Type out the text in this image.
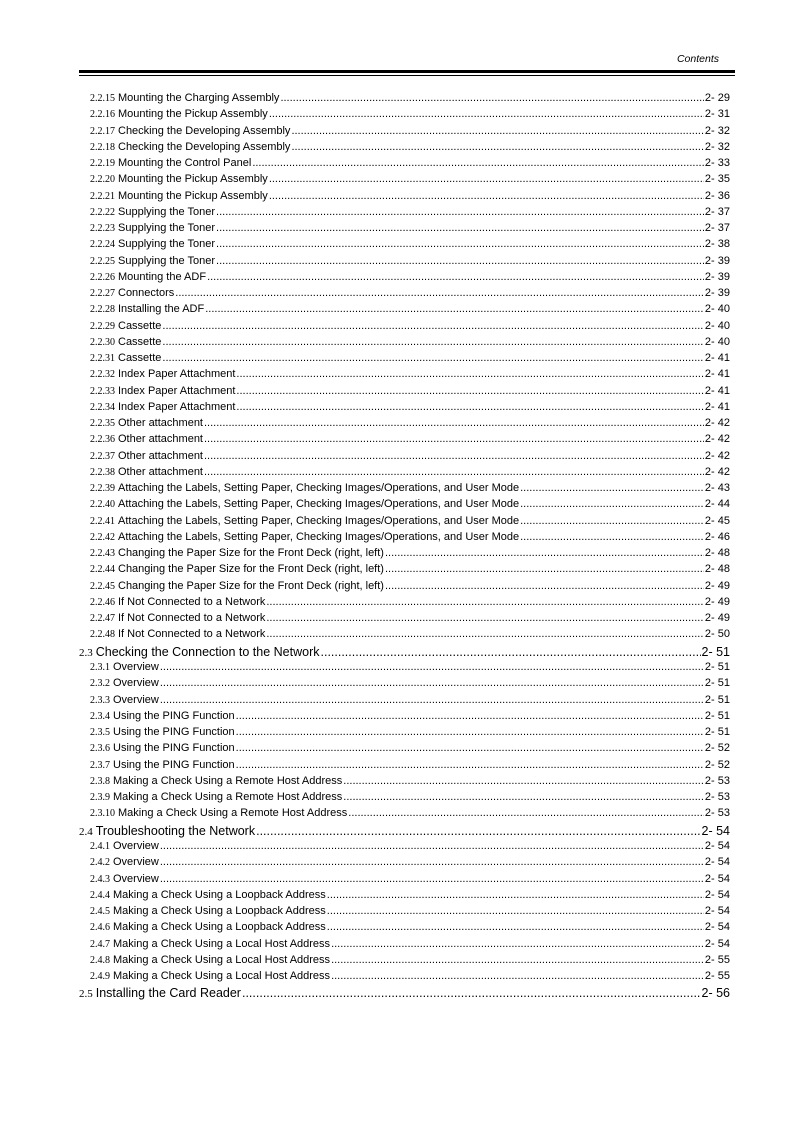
Contents
2.2.15 Mounting the Charging Assembly .....	2- 29
2.2.16 Mounting the Pickup Assembly .....	2- 31
2.2.17 Checking the Developing Assembly .....	2- 32
2.2.18 Checking the Developing Assembly .....	2- 32
2.2.19 Mounting the Control Panel .....	2- 33
2.2.20 Mounting the Pickup Assembly .....	2- 35
2.2.21 Mounting the Pickup Assembly .....	2- 36
2.2.22 Supplying the Toner .....	2- 37
2.2.23 Supplying the Toner .....	2- 37
2.2.24 Supplying the Toner .....	2- 38
2.2.25 Supplying the Toner .....	2- 39
2.2.26 Mounting the ADF .....	2- 39
2.2.27 Connectors .....	2- 39
2.2.28 Installing the ADF .....	2- 40
2.2.29 Cassette .....	2- 40
2.2.30 Cassette .....	2- 40
2.2.31 Cassette .....	2- 41
2.2.32 Index Paper Attachment .....	2- 41
2.2.33 Index Paper Attachment .....	2- 41
2.2.34 Index Paper Attachment .....	2- 41
2.2.35 Other attachment .....	2- 42
2.2.36 Other attachment .....	2- 42
2.2.37 Other attachment .....	2- 42
2.2.38 Other attachment .....	2- 42
2.2.39 Attaching the Labels, Setting Paper, Checking Images/Operations, and User Mode .....	2- 43
2.2.40 Attaching the Labels, Setting Paper, Checking Images/Operations, and User Mode .....	2- 44
2.2.41 Attaching the Labels, Setting Paper, Checking Images/Operations, and User Mode .....	2- 45
2.2.42 Attaching the Labels, Setting Paper, Checking Images/Operations, and User Mode .....	2- 46
2.2.43 Changing the Paper Size for the Front Deck (right, left) .....	2- 48
2.2.44 Changing the Paper Size for the Front Deck (right, left) .....	2- 48
2.2.45 Changing the Paper Size for the Front Deck (right, left) .....	2- 49
2.2.46 If Not Connected to a Network .....	2- 49
2.2.47 If Not Connected to a Network .....	2- 49
2.2.48 If Not Connected to a Network .....	2- 50
2.3 Checking the Connection to the Network .....	2- 51
2.3.1 Overview .....	2- 51
2.3.2 Overview .....	2- 51
2.3.3 Overview .....	2- 51
2.3.4 Using the PING Function .....	2- 51
2.3.5 Using the PING Function .....	2- 51
2.3.6 Using the PING Function .....	2- 52
2.3.7 Using the PING Function .....	2- 52
2.3.8 Making a Check Using a Remote Host Address .....	2- 53
2.3.9 Making a Check Using a Remote Host Address .....	2- 53
2.3.10 Making a Check Using a Remote Host Address .....	2- 53
2.4 Troubleshooting the Network .....	2- 54
2.4.1 Overview .....	2- 54
2.4.2 Overview .....	2- 54
2.4.3 Overview .....	2- 54
2.4.4 Making a Check Using a Loopback Address .....	2- 54
2.4.5 Making a Check Using a Loopback Address .....	2- 54
2.4.6 Making a Check Using a Loopback Address .....	2- 54
2.4.7 Making a Check Using a Local Host Address .....	2- 54
2.4.8 Making a Check Using a Local Host Address .....	2- 55
2.4.9 Making a Check Using a Local Host Address .....	2- 55
2.5 Installing the Card Reader .....	2- 56
